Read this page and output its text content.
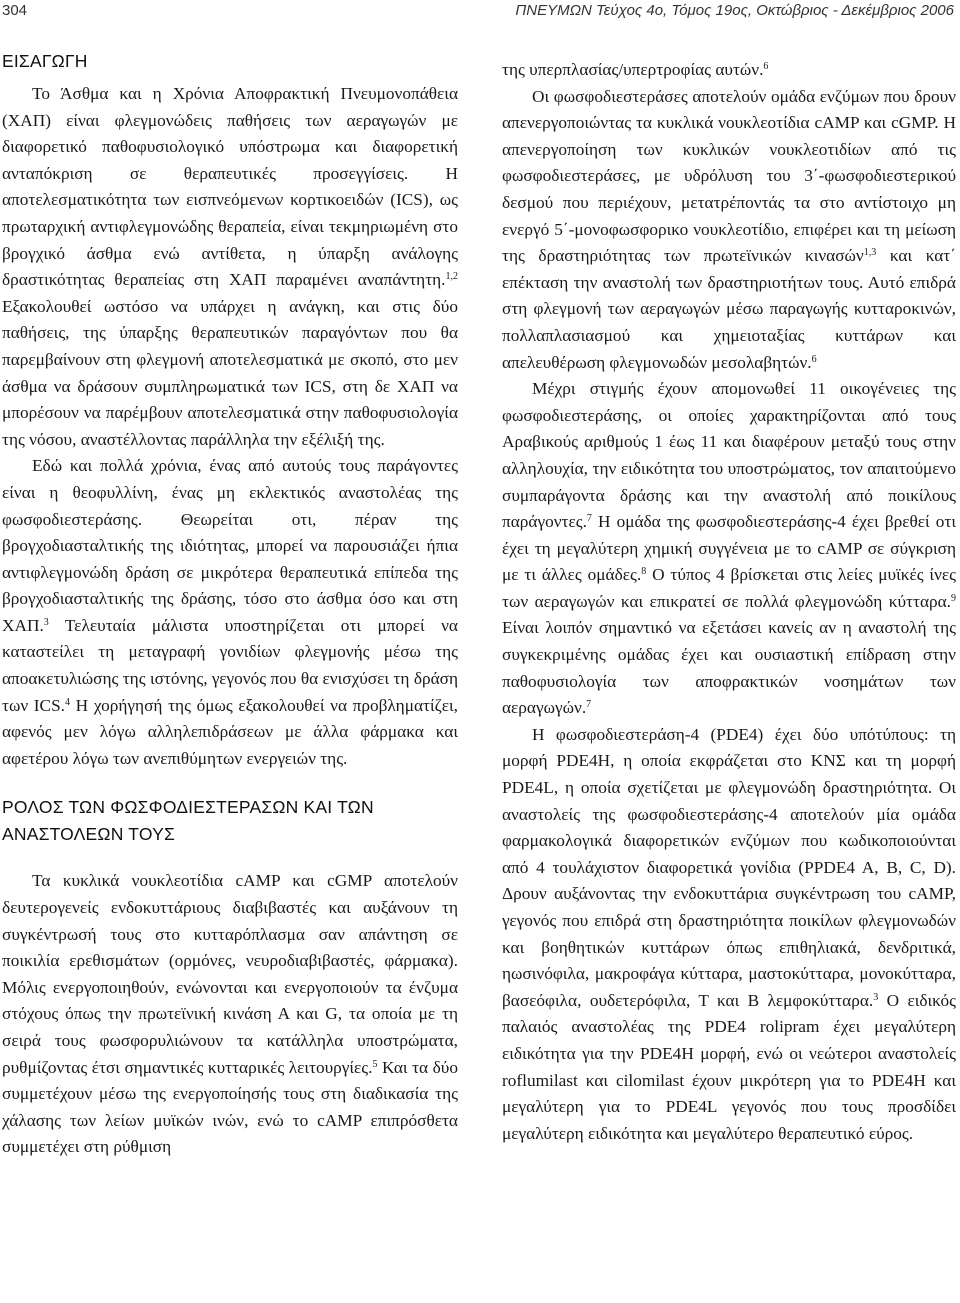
304	ΠΝΕΥΜΩΝ Τεύχος 4ο, Τόμος 19ος, Οκτώβριος - Δεκέμβριος 2006
ΕΙΣΑΓΩΓΗ

Το Άσθμα και η Χρόνια Αποφρακτική Πνευμονοπάθεια (ΧΑΠ) είναι φλεγμονώδεις παθήσεις των αεραγωγών με διαφορετικό παθοφυσιολογικό υπόστρωμα και διαφορετική ανταπόκριση σε θεραπευτικές προσεγγίσεις. Η αποτελεσματικότητα των εισπνεόμενων κορτικοειδών (ICS), ως πρωταρχική αντιφλεγμονώδης θεραπεία, είναι τεκμηριωμένη στο βρογχικό άσθμα ενώ αντίθετα, η ύπαρξη ανάλογης δραστικότητας θεραπείας στη ΧΑΠ παραμένει αναπάντητη.$^{1,2}$ Εξακολουθεί ωστόσο να υπάρχει η ανάγκη, και στις δύο παθήσεις, της ύπαρξης θεραπευτικών παραγόντων που θα παρεμβαίνουν στη φλεγμονή αποτελεσματικά με σκοπό, στο μεν άσθμα να δράσουν συμπληρωματικά των ICS, στη δε ΧΑΠ να μπορέσουν να παρέμβουν αποτελεσματικά στην παθοφυσιολογία της νόσου, αναστέλλοντας παράλληλα την εξέλιξή της.

Εδώ και πολλά χρόνια, ένας από αυτούς τους παράγοντες είναι η θεοφυλλίνη, ένας μη εκλεκτικός αναστολέας της φωσφοδιεστεράσης. Θεωρείται οτι, πέραν της βρογχοδιασταλτικής της ιδιότητας, μπορεί να παρουσιάζει ήπια αντιφλεγμονώδη δράση σε μικρότερα θεραπευτικά επίπεδα της βρογχοδιασταλτικής της δράσης, τόσο στο άσθμα όσο και στη ΧΑΠ.$^3$ Τελευταία μάλιστα υποστηρίζεται οτι μπορεί να καταστείλει τη μεταγραφή γονιδίων φλεγμονής μέσω της αποακετυλιώσης της ιστόνης, γεγονός που θα ενισχύσει τη δράση των ICS.$^4$ Η χορήγησή της όμως εξακολουθεί να προβληματίζει, αφενός μεν λόγω αλληλεπιδράσεων με άλλα φάρμακα και αφετέρου λόγω των ανεπιθύμητων ενεργειών της.

ΡΟΛΟΣ ΤΩΝ ΦΩΣΦΟΔΙΕΣΤΕΡΑΣΩΝ ΚΑΙ ΤΩΝ
ΑΝΑΣΤΟΛΕΩΝ ΤΟΥΣ

Τα κυκλικά νουκλεοτίδια cAMP και cGMP αποτελούν δευτερογενείς ενδοκυττάριους διαβιβαστές και αυξάνουν τη συγκέντρωσή τους στο κυτταρόπλασμα σαν απάντηση σε ποικιλία ερεθισμάτων (ορμόνες, νευροδιαβιβαστές, φάρμακα). Μόλις ενεργοποιηθούν, ενώνονται και ενεργοποιούν τα ένζυμα στόχους όπως την πρωτεϊνική κινάση Α και G, τα οποία με τη σειρά τους φωσφορυλιώνουν τα κατάλληλα υποστρώματα, ρυθμίζοντας έτσι σημαντικές κυτταρικές λειτουργίες.$^5$ Και τα δύο συμμετέχουν μέσω της ενεργοποίησής τους στη διαδικασία της χάλασης των λείων μυϊκών ινών, ενώ το cAMP επιπρόσθετα συμμετέχει στη ρύθμιση

της υπερπλασίας/υπερτροφίας αυτών.$^6$

Οι φωσφοδιεστεράσες αποτελούν ομάδα ενζύμων που δρουν απενεργοποιώντας τα κυκλικά νουκλεοτίδια cAMP και cGMP. Η απενεργοποίηση των κυκλικών νουκλεοτιδίων από τις φωσφοδιεστεράσες, με υδρόλυση του 3΄-φωσφοδιεστερικού δεσμού που περιέχουν, μετατρέποντάς τα στο αντίστοιχο μη ενεργό 5΄-μονοφωσφορικο νουκλεοτίδιο, επιφέρει και τη μείωση της δραστηριότητας των πρωτεϊνικών κινασών$^{1,3}$ και κατ΄ επέκταση την αναστολή των δραστηριοτήτων τους. Αυτό επιδρά στη φλεγμονή των αεραγωγών μέσω παραγωγής κυτταροκινών, πολλαπλασιασμού και χημειοταξίας κυττάρων και απελευθέρωση φλεγμονωδών μεσολαβητών.$^6$

Μέχρι στιγμής έχουν απομονωθεί 11 οικογένειες της φωσφοδιεστεράσης, οι οποίες χαρακτηρίζονται από τους Αραβικούς αριθμούς 1 έως 11 και διαφέρουν μεταξύ τους στην αλληλουχία, την ειδικότητα του υποστρώματος, τον απαιτούμενο συμπαράγοντα δράσης και την αναστολή από ποικίλους παράγοντες.$^7$ Η ομάδα της φωσφοδιεστεράσης-4 έχει βρεθεί οτι έχει τη μεγαλύτερη χημική συγγένεια με το cAMP σε σύγκριση με τι άλλες ομάδες.$^8$ Ο τύπος 4 βρίσκεται στις λείες μυϊκές ίνες των αεραγωγών και επικρατεί σε πολλά φλεγμονώδη κύτταρα.$^9$ Είναι λοιπόν σημαντικό να εξετάσει κανείς αν η αναστολή της συγκεκριμένης ομάδας έχει και ουσιαστική επίδραση στην παθοφυσιολογία των αποφρακτικών νοσημάτων των αεραγωγών.$^7$

Η φωσφοδιεστεράση-4 (PDE4) έχει δύο υπότύπους: τη μορφή PDE4H, η οποία εκφράζεται στο ΚΝΣ και τη μορφή PDE4L, η οποία σχετίζεται με φλεγμονώδη δραστηριότητα. Οι αναστολείς της φωσφοδιεστεράσης-4 αποτελούν μία ομάδα φαρμακολογικά διαφορετικών ενζύμων που κωδικοποιούνται από 4 τουλάχιστον διαφορετικά γονίδια (PPDE4 A, B, C, D). Δρουν αυξάνοντας την ενδοκυττάρια συγκέντρωση του cAMP, γεγονός που επιδρά στη δραστηριότητα ποικίλων φλεγμονωδών και βοηθητικών κυττάρων όπως επιθηλιακά, δενδριτικά, ηωσινόφιλα, μακροφάγα κύτταρα, μαστοκύτταρα, μονοκύτταρα, βασεόφιλα, ουδετερόφιλα, Τ και Β λεμφοκύτταρα.$^3$ Ο ειδικός παλαιός αναστολέας της PDE4 rolipram έχει μεγαλύτερη ειδικότητα για την PDE4H μορφή, ενώ οι νεώτεροι αναστολείς roflumilast και cilomilast έχουν μικρότερη για το PDE4H και μεγαλύτερη για το PDE4L γεγονός που τους προσδίδει μεγαλύτερη ειδικότητα και μεγαλύτερο θεραπευτικό εύρος.
